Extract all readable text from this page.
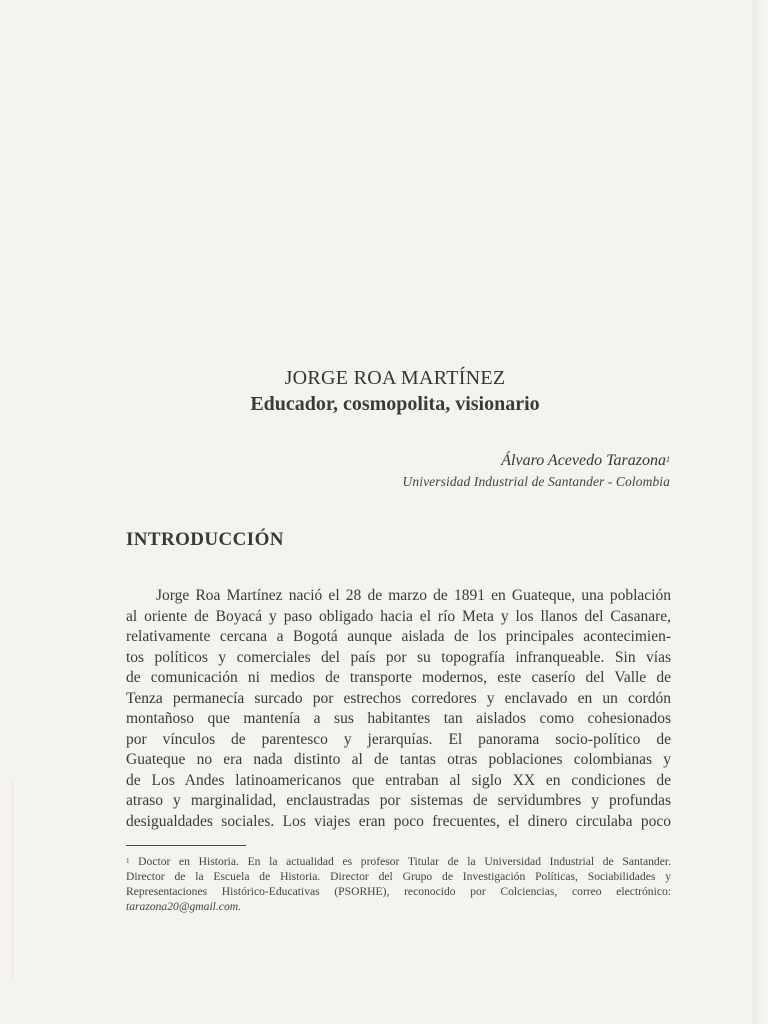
JORGE ROA MARTÍNEZ
Educador, cosmopolita, visionario
Álvaro Acevedo Tarazona$^1$
Universidad Industrial de Santander - Colombia
INTRODUCCIÓN
Jorge Roa Martínez nació el 28 de marzo de 1891 en Guateque, una población
al oriente de Boyacá y paso obligado hacia el río Meta y los llanos del Casanare,
relativamente cercana a Bogotá aunque aislada de los principales acontecimien-
tos políticos y comerciales del país por su topografía infranqueable. Sin vías
de comunicación ni medios de transporte modernos, este caserío del Valle de
Tenza permanecía surcado por estrechos corredores y enclavado en un cordón
montañoso que mantenía a sus habitantes tan aislados como cohesionados
por vínculos de parentesco y jerarquías. El panorama socio-político de
Guateque no era nada distinto al de tantas otras poblaciones colombianas y
de Los Andes latinoamericanos que entraban al siglo XX en condiciones de
atraso y marginalidad, enclaustradas por sistemas de servidumbres y profundas
desigualdades sociales. Los viajes eran poco frecuentes, el dinero circulaba poco
$^1$ Doctor en Historia. En la actualidad es profesor Titular de la Universidad Industrial de Santander.
Director de la Escuela de Historia. Director del Grupo de Investigación Políticas, Sociabilidades y
Representaciones Histórico-Educativas (PSORHE), reconocido por Colciencias, correo electrónico:
tarazona20@gmail.com.
